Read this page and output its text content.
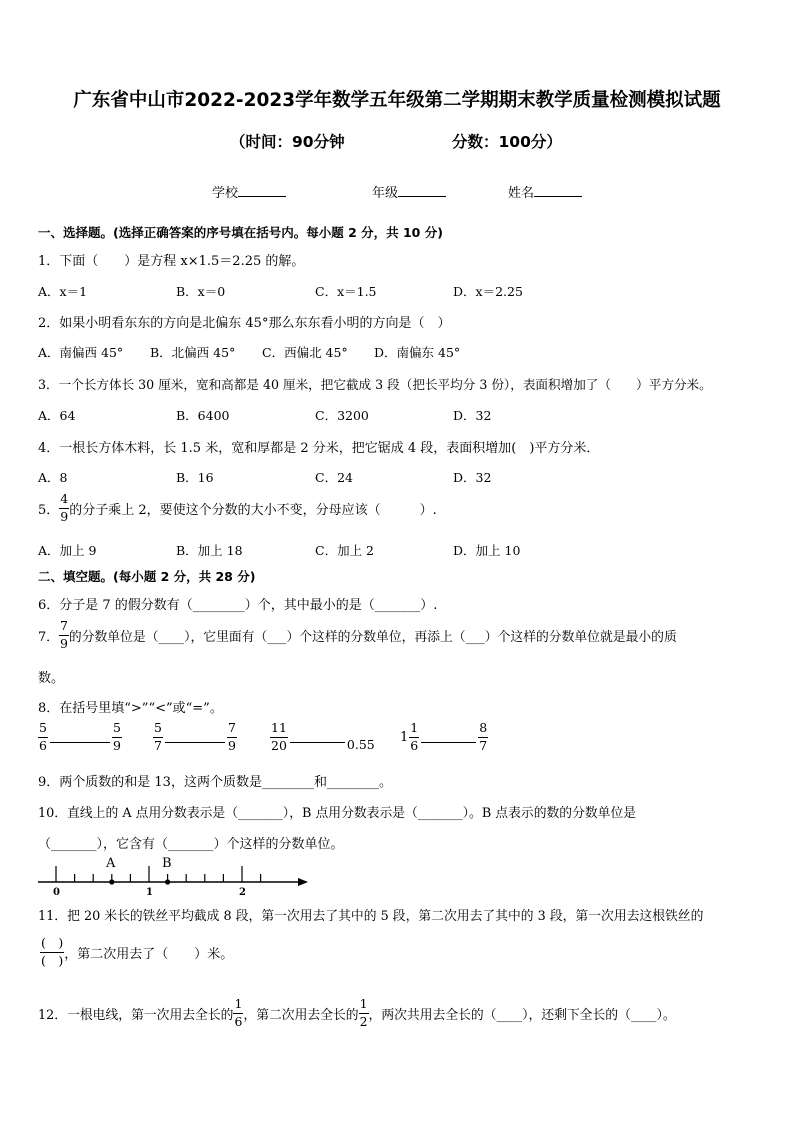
广东省中山市2022-2023学年数学五年级第二学期期末教学质量检测模拟试题
（时间：90分钟	分数：100分）
学校	年级	姓名
一、选择题。(选择正确答案的序号填在括号内。每小题 2 分，共 10 分)
1．下面（　　）是方程 x×1.5＝2.25 的解。
A．x＝1	B．x＝0	C．x＝1.5	D．x＝2.25
2．如果小明看东东的方向是北偏东 45°那么东东看小明的方向是（　）
A．南偏西 45° B．北偏西 45° C．西偏北 45° D．南偏东 45°
3．一个长方体长 30 厘米，宽和高都是 40 厘米，把它截成 3 段（把长平均分 3 份），表面积增加了（　　）平方分米。
A．64	B．6400	C．3200	D．32
4．一根长方体木料，长 1.5 米，宽和厚都是 2 分米，把它锯成 4 段，表面积增加(　)平方分米．
A．8	B．16	C．24	D．32
5． $\frac{4}{9}$ 的分子乘上 2，要使这个分数的大小不变，分母应该（　　　）.
A．加上 9	B．加上 18	C．加上 2	D．加上 10
二、填空题。(每小题 2 分，共 28 分)
6．分子是 7 的假分数有（________）个，其中最小的是（_______）.
7． $\frac{7}{9}$ 的分数单位是（____），它里面有（___）个这样的分数单位，再添上（___）个这样的分数单位就是最小的质
数。
8．在括号里填“>”“<”或“=”。
$\frac{5}{6}$	$\frac{5}{9} \frac{5}{7}$	$\frac{7}{9}$	$\frac{11}{20}$	0.55 $1 \frac{1}{6}$	$\frac{8}{7}$
9．两个质数的和是 13，这两个质数是________和________。
10．直线上的 A 点用分数表示是（_______），B 点用分数表示是（_______）。B 点表示的数的分数单位是
（_______），它含有（_______）个这样的分数单位。
A	B
0	1	2
11．把 20 米长的铁丝平均截成 8 段，第一次用去了其中的 5 段，第二次用去了其中的 3 段，第一次用去这根铁丝的
$\frac{( )}{( )}$ ，第二次用去了（　　）米。
12．一根电线，第一次用去全长的 $\frac{1}{6}$ ，第二次用去全长的 $\frac{1}{2}$ ，两次共用去全长的（____），还剩下全长的（____）。
